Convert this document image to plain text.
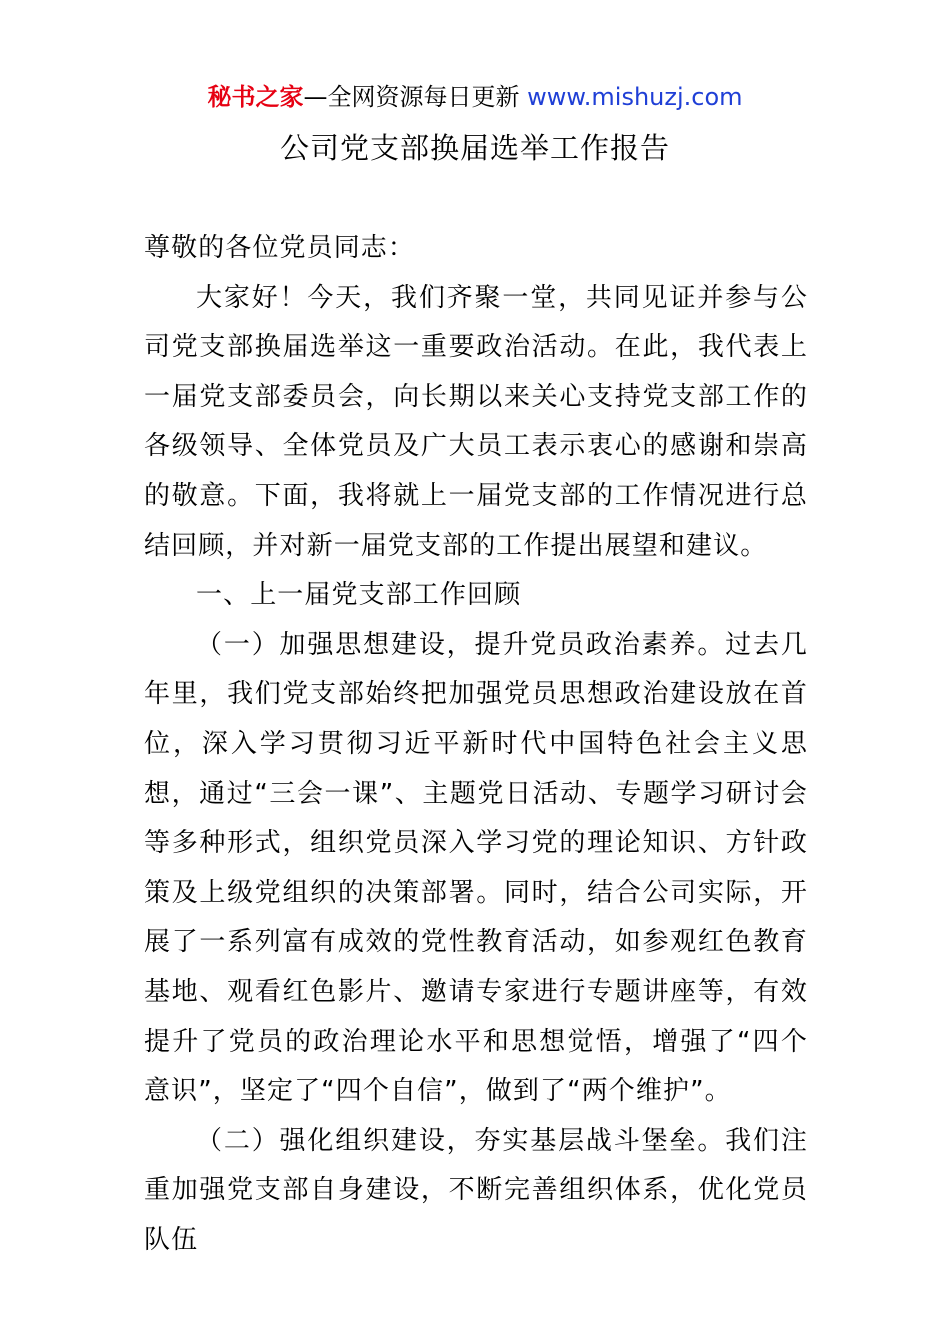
秘书之家—全网资源每日更新 www.mishuzj.com
公司党支部换届选举工作报告

尊敬的各位党员同志：

大家好！今天，我们齐聚一堂，共同见证并参与公司党支部换届选举这一重要政治活动。在此，我代表上一届党支部委员会，向长期以来关心支持党支部工作的各级领导、全体党员及广大员工表示衷心的感谢和崇高的敬意。下面，我将就上一届党支部的工作情况进行总结回顾，并对新一届党支部的工作提出展望和建议。

一、上一届党支部工作回顾

（一）加强思想建设，提升党员政治素养。过去几年里，我们党支部始终把加强党员思想政治建设放在首位，深入学习贯彻习近平新时代中国特色社会主义思想，通过“三会一课”、主题党日活动、专题学习研讨会等多种形式，组织党员深入学习党的理论知识、方针政策及上级党组织的决策部署。同时，结合公司实际，开展了一系列富有成效的党性教育活动，如参观红色教育基地、观看红色影片、邀请专家进行专题讲座等，有效提升了党员的政治理论水平和思想觉悟，增强了“四个意识”，坚定了“四个自信”，做到了“两个维护”。

（二）强化组织建设，夯实基层战斗堡垒。我们注重加强党支部自身建设，不断完善组织体系，优化党员队伍
